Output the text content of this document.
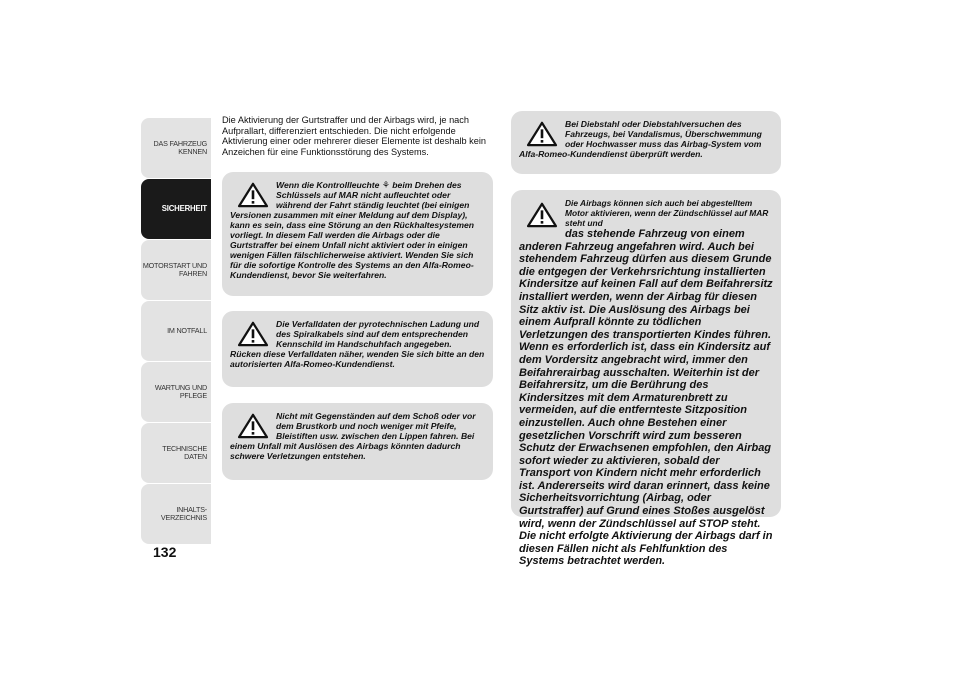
DAS FAHRZEUG
KENNEN
SICHERHEIT
MOTORSTART UND
FAHREN
IM NOTFALL
WARTUNG UND
PFLEGE
TECHNISCHE DATEN
INHALTS-
VERZEICHNIS
132

Die Aktivierung der Gurtstraffer und der Airbags wird, je nach Aufprallart, differenziert entschieden. Die nicht erfolgende Aktivierung einer oder mehrerer dieser Elemente ist deshalb kein Anzeichen für eine Funktionsstörung des Systems.

Wenn die Kontrollleuchte ⚘ beim Drehen des Schlüssels auf MAR nicht aufleuchtet oder während der Fahrt ständig leuchtet (bei einigen Versionen zusammen mit einer Meldung auf dem Display), kann es sein, dass eine Störung an den Rückhaltesystemen vorliegt. In diesem Fall werden die Airbags oder die Gurtstraffer bei einem Unfall nicht aktiviert oder in einigen wenigen Fällen fälschlicherweise aktiviert. Wenden Sie sich für die sofortige Kontrolle des Systems an den Alfa-Romeo-Kundendienst, bevor Sie weiterfahren.
Die Verfalldaten der pyrotechnischen Ladung und des Spiralkabels sind auf dem entsprechenden Kennschild im Handschuhfach angegeben. Rücken diese Verfalldaten näher, wenden Sie sich bitte an den autorisierten Alfa-Romeo-Kundendienst.
Nicht mit Gegenständen auf dem Schoß oder vor dem Brustkorb und noch weniger mit Pfeife, Bleistiften usw. zwischen den Lippen fahren. Bei einem Unfall mit Auslösen des Airbags könnten dadurch schwere Verletzungen entstehen.
Bei Diebstahl oder Diebstahlversuchen des Fahrzeugs, bei Vandalismus, Überschwemmung oder Hochwasser muss das Airbag-System vom Alfa-Romeo-Kundendienst überprüft werden.
Die Airbags können sich auch bei abgestelltem Motor aktivieren, wenn der Zündschlüssel auf MAR steht und
das stehende Fahrzeug von einem anderen Fahrzeug angefahren wird. Auch bei stehendem Fahrzeug dürfen aus diesem Grunde die entgegen der Verkehrsrichtung installierten Kindersitze auf keinen Fall auf dem Beifahrersitz installiert werden, wenn der Airbag für diesen Sitz aktiv ist. Die Auslösung des Airbags bei einem Aufprall könnte zu tödlichen Verletzungen des transportierten Kindes führen. Wenn es erforderlich ist, dass ein Kindersitz auf dem Vordersitz angebracht wird, immer den Beifahrerairbag ausschalten. Weiterhin ist der Beifahrersitz, um die Berührung des Kindersitzes mit dem Armaturenbrett zu vermeiden, auf die entfernteste Sitzposition einzustellen. Auch ohne Bestehen einer gesetzlichen Vorschrift wird zum besseren Schutz der Erwachsenen empfohlen, den Airbag sofort wieder zu aktivieren, sobald der Transport von Kindern nicht mehr erforderlich ist. Andererseits wird daran erinnert, dass keine Sicherheitsvorrichtung (Airbag, oder Gurtstraffer) auf Grund eines Stoßes ausgelöst wird, wenn der Zündschlüssel auf STOP steht. Die nicht erfolgte Aktivierung der Airbags darf in diesen Fällen nicht als Fehlfunktion des Systems betrachtet werden.
